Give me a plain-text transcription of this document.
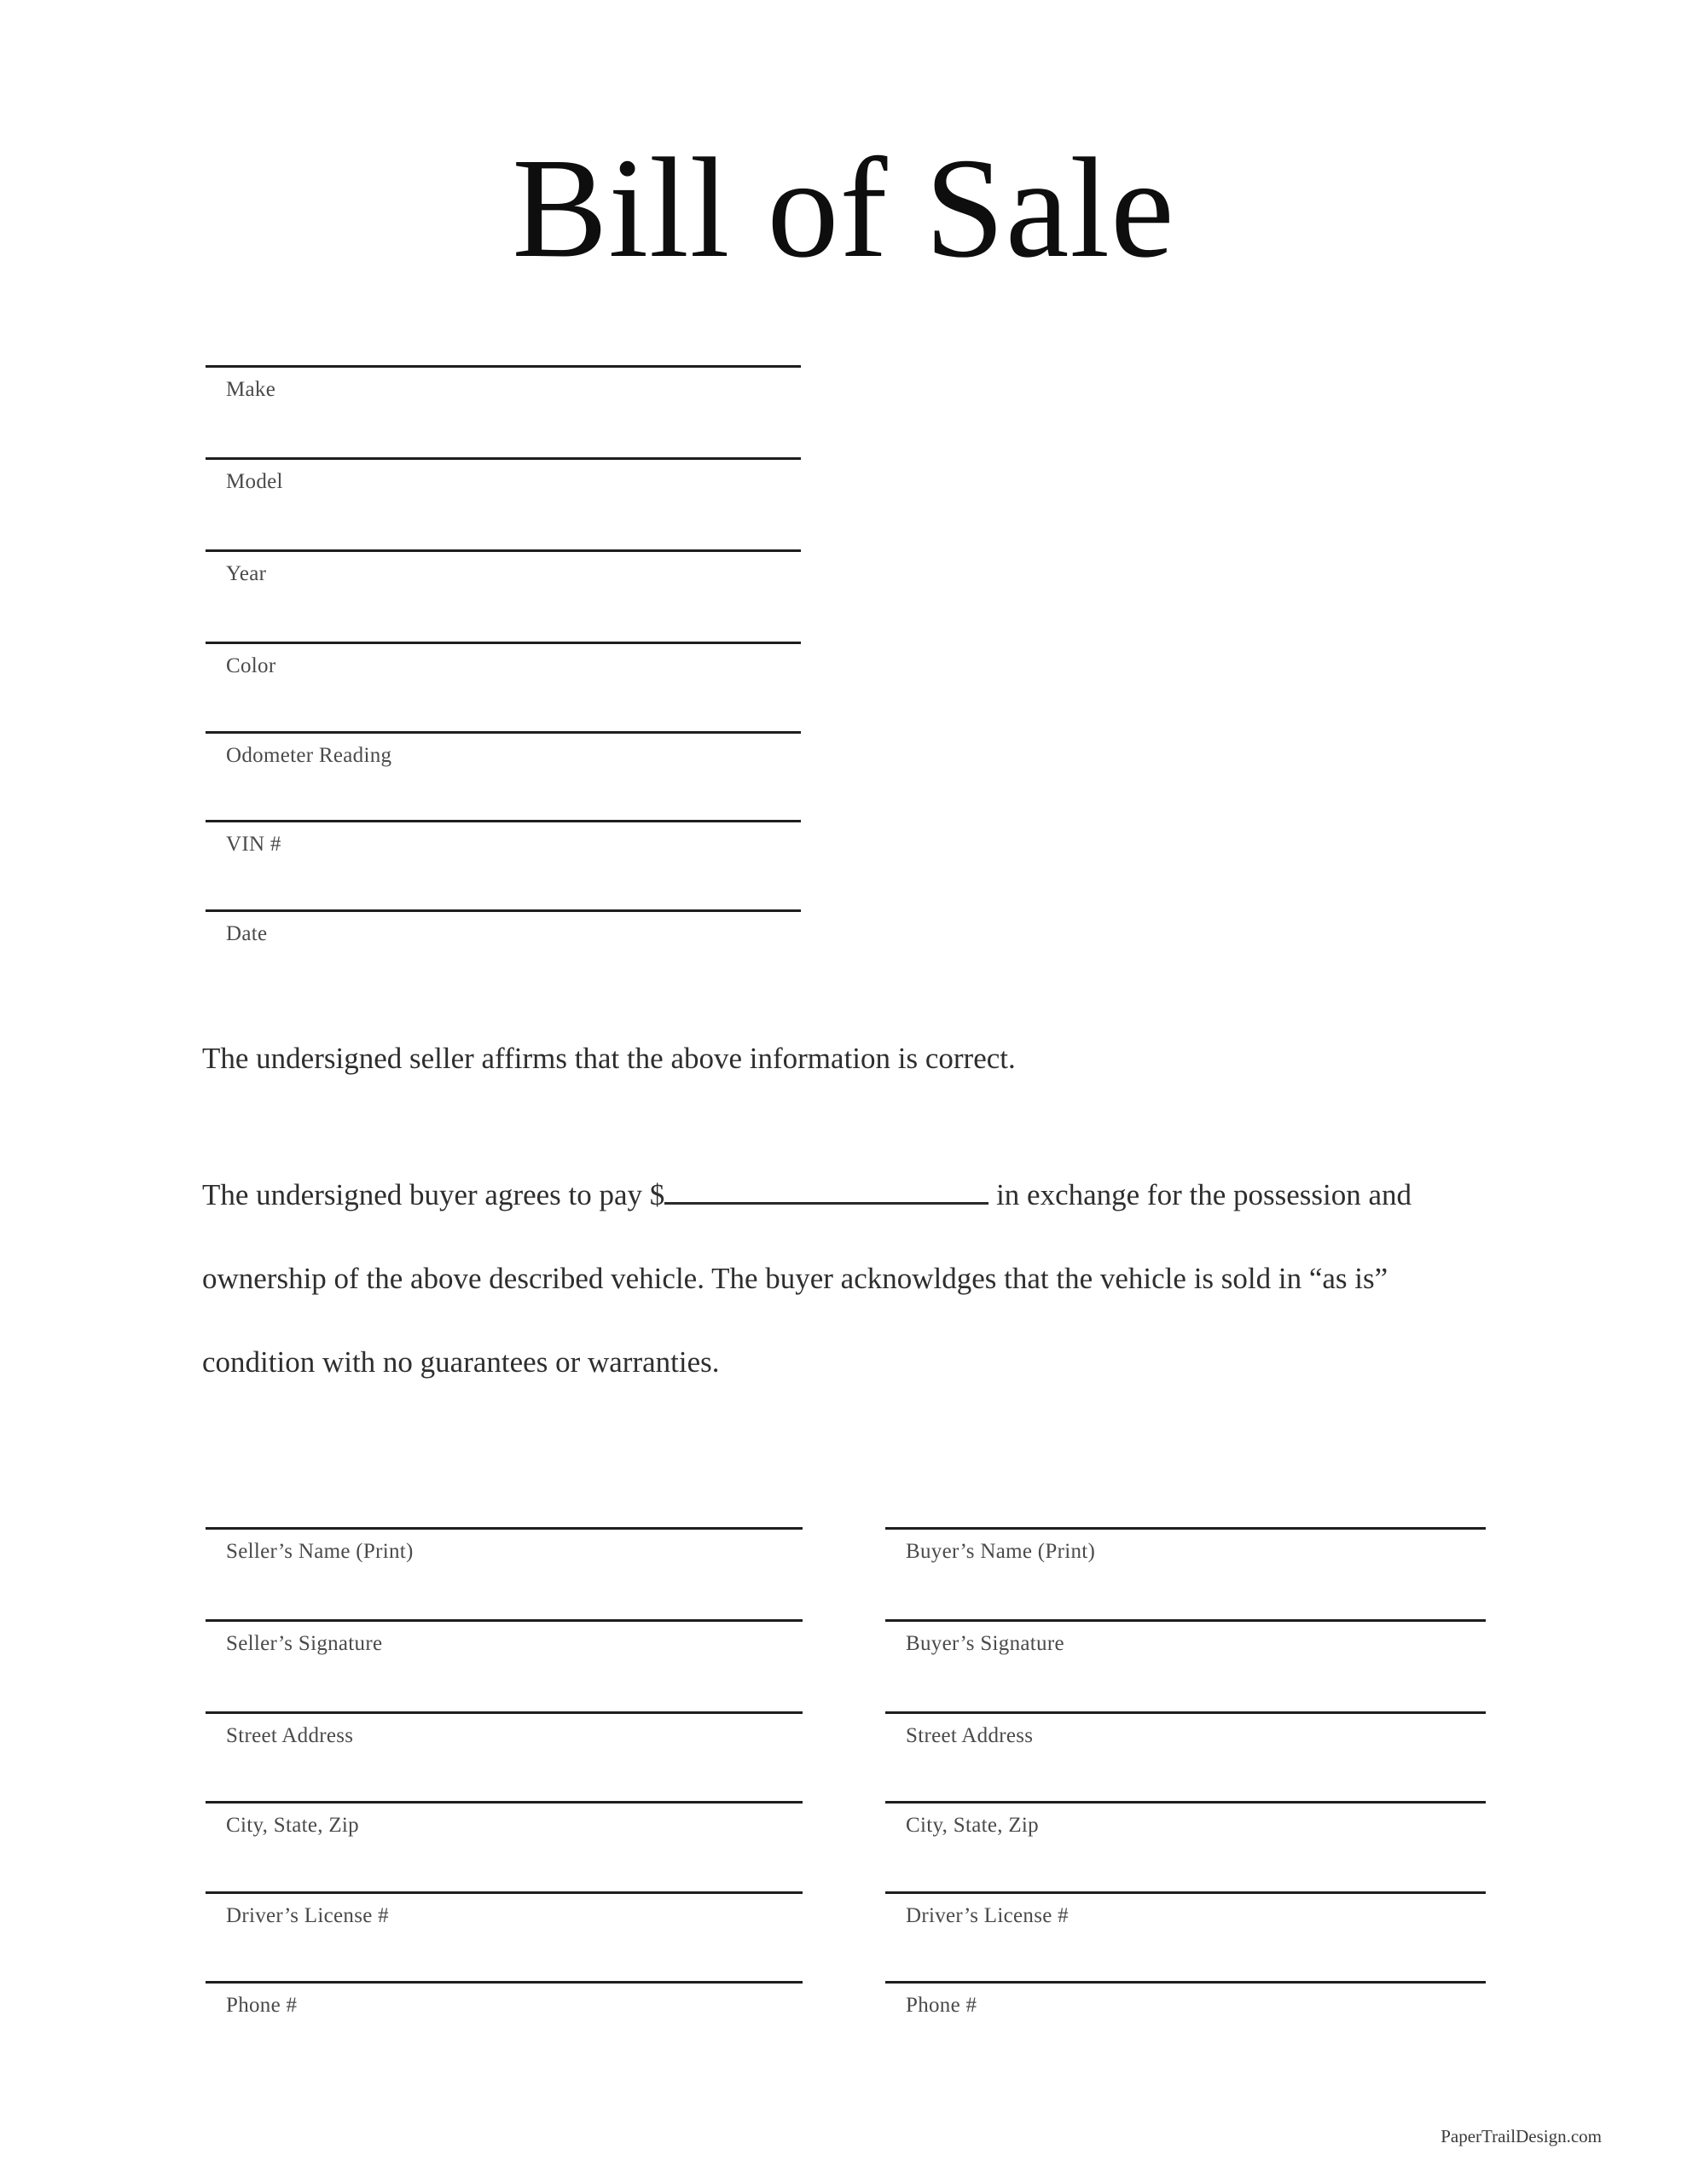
Bill of Sale
Make
Model
Year
Color
Odometer Reading
VIN #
Date

The undersigned seller affirms that the above information is correct.

The undersigned buyer agrees to pay $	in exchange for the possession and ownership of the above described vehicle. The buyer acknowldges that the vehicle is sold in “as is” condition with no guarantees or warranties.

Seller’s Name (Print)
Seller’s Signature
Street Address
City, State, Zip
Driver’s License #
Phone #
Buyer’s Name (Print)
Buyer’s Signature
Street Address
City, State, Zip
Driver’s License #
Phone #
PaperTrailDesign.com
